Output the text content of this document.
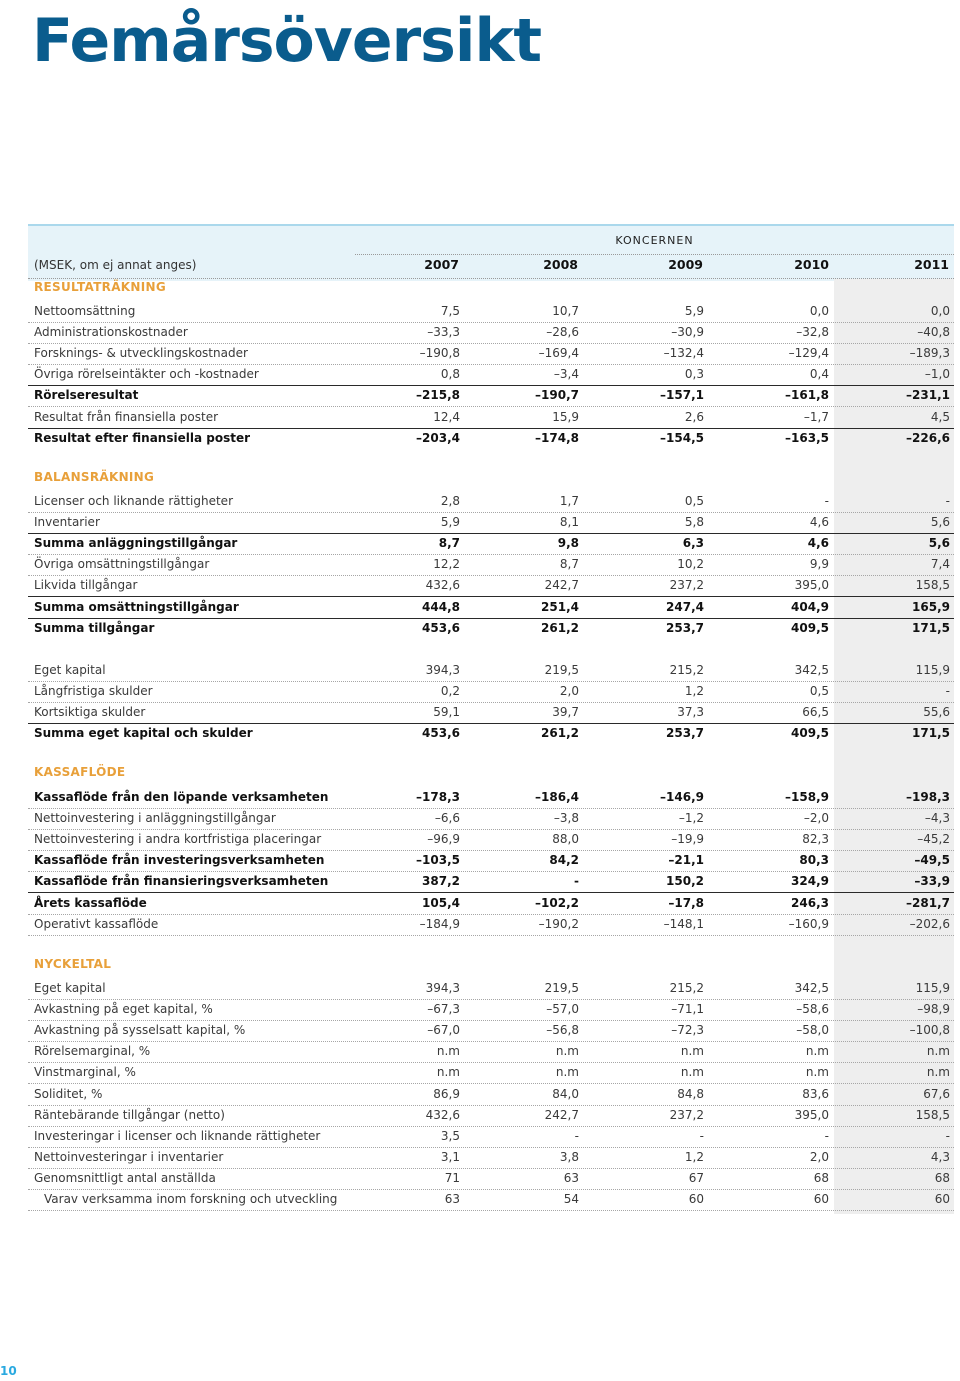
Femårsöversikt
KONCERNEN
(MSEK, om ej annat anges)	2007	2008	2009	2010	2011
RESULTATRÄKNING
Nettoomsättning	7,5	10,7	5,9	0,0	0,0
Administrationskostnader	–33,3	–28,6	–30,9	–32,8	–40,8
Forsknings- & utvecklingskostnader	–190,8	–169,4	–132,4	–129,4	–189,3
Övriga rörelseintäkter och -kostnader	0,8	–3,4	0,3	0,4	–1,0
Rörelseresultat	–215,8	–190,7	–157,1	–161,8	–231,1
Resultat från finansiella poster	12,4	15,9	2,6	–1,7	4,5
Resultat efter finansiella poster	–203,4	–174,8	–154,5	–163,5	–226,6
BALANSRÄKNING
Licenser och liknande rättigheter	2,8	1,7	0,5	-	-
Inventarier	5,9	8,1	5,8	4,6	5,6
Summa anläggningstillgångar	8,7	9,8	6,3	4,6	5,6
Övriga omsättningstillgångar	12,2	8,7	10,2	9,9	7,4
Likvida tillgångar	432,6	242,7	237,2	395,0	158,5
Summa omsättningstillgångar	444,8	251,4	247,4	404,9	165,9
Summa tillgångar	453,6	261,2	253,7	409,5	171,5
Eget kapital	394,3	219,5	215,2	342,5	115,9
Långfristiga skulder	0,2	2,0	1,2	0,5	-
Kortsiktiga skulder	59,1	39,7	37,3	66,5	55,6
Summa eget kapital och skulder	453,6	261,2	253,7	409,5	171,5
KASSAFLÖDE
Kassaflöde från den löpande verksamheten	–178,3	–186,4	–146,9	–158,9	–198,3
Nettoinvestering i anläggningstillgångar	–6,6	–3,8	–1,2	–2,0	–4,3
Nettoinvestering i andra kortfristiga placeringar	–96,9	88,0	–19,9	82,3	–45,2
Kassaflöde från investeringsverksamheten	–103,5	84,2	–21,1	80,3	–49,5
Kassaflöde från finansieringsverksamheten	387,2	-	150,2	324,9	–33,9
Årets kassaflöde	105,4	–102,2	–17,8	246,3	–281,7
Operativt kassaflöde	–184,9	–190,2	–148,1	–160,9	–202,6
NYCKELTAL
Eget kapital	394,3	219,5	215,2	342,5	115,9
Avkastning på eget kapital, %	–67,3	–57,0	–71,1	–58,6	–98,9
Avkastning på sysselsatt kapital, %	–67,0	–56,8	–72,3	–58,0	–100,8
Rörelsemarginal, %	n.m	n.m	n.m	n.m	n.m
Vinstmarginal, %	n.m	n.m	n.m	n.m	n.m
Soliditet, %	86,9	84,0	84,8	83,6	67,6
Räntebärande tillgångar (netto)	432,6	242,7	237,2	395,0	158,5
Investeringar i licenser och liknande rättigheter	3,5	-	-	-	-
Nettoinvesteringar i inventarier	3,1	3,8	1,2	2,0	4,3
Genomsnittligt antal anställda	71	63	67	68	68
Varav verksamma inom forskning och utveckling	63	54	60	60	60
10
